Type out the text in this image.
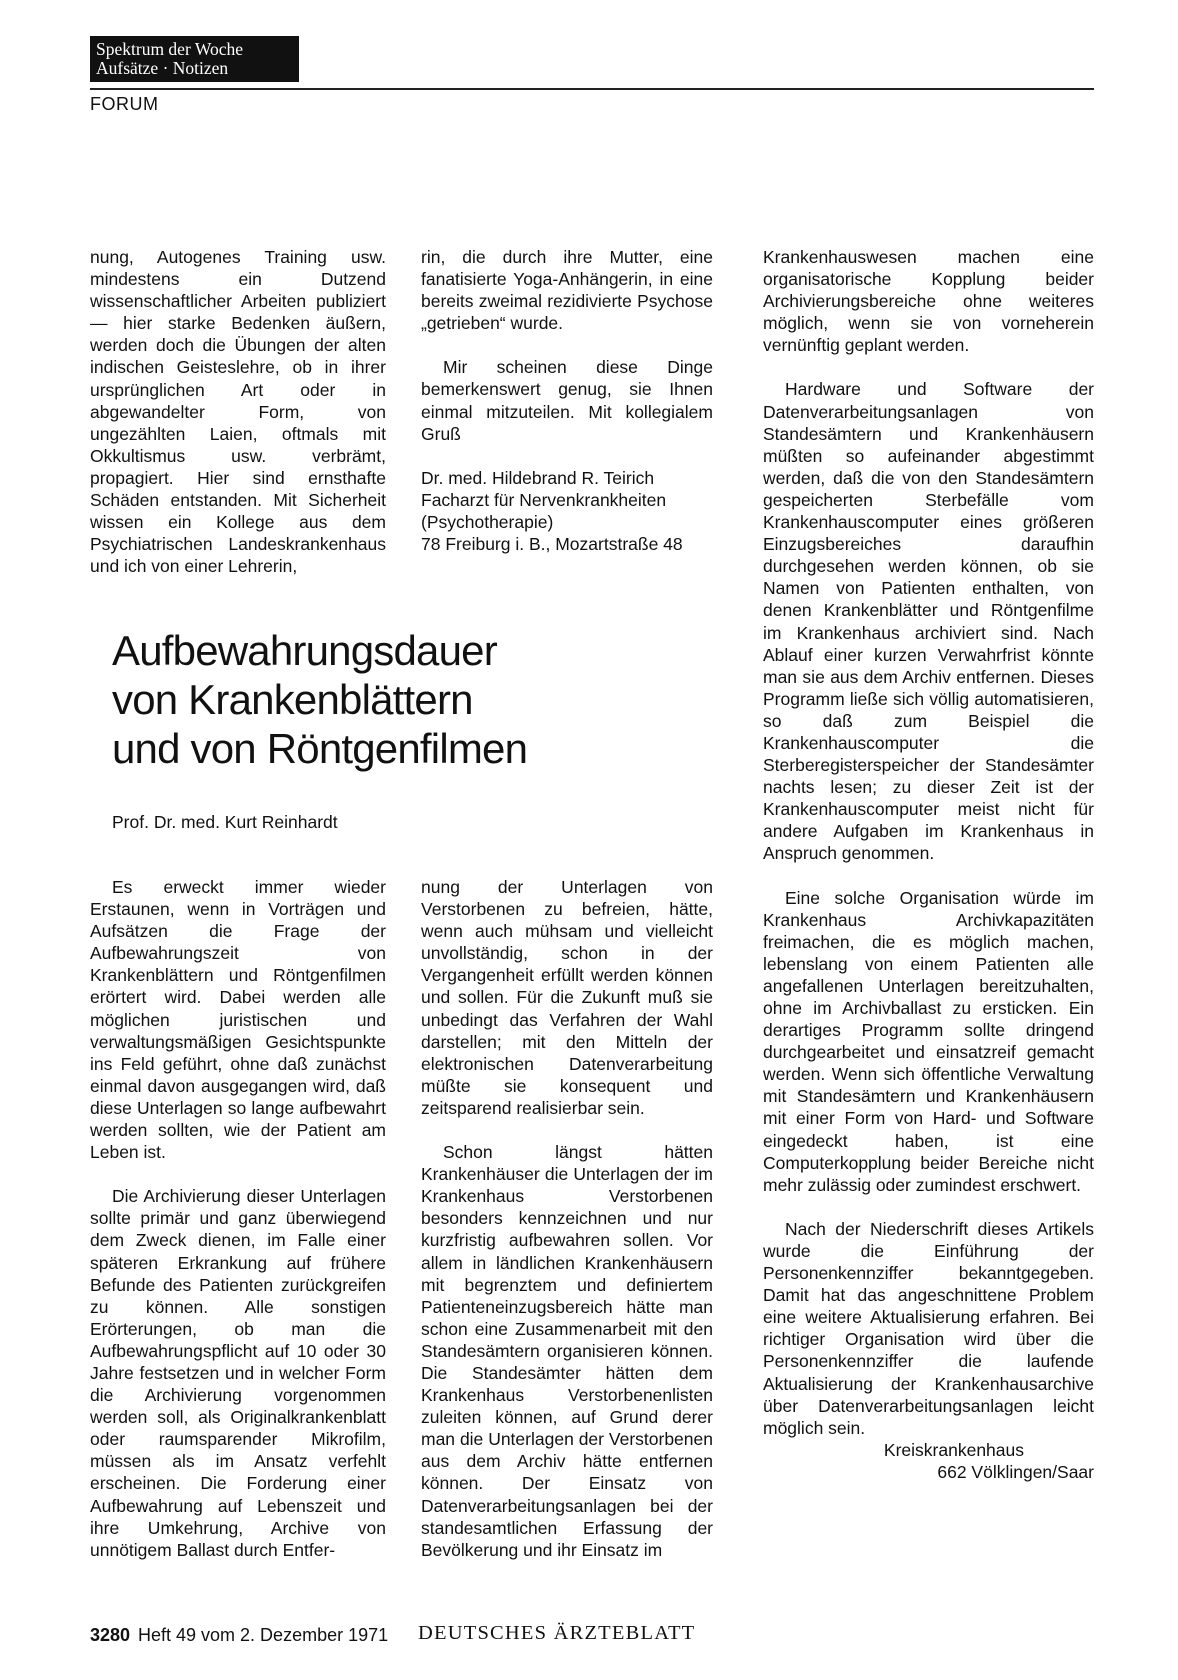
Spektrum der Woche
Aufsätze · Notizen
FORUM

nung, Autogenes Training usw. mindestens ein Dutzend wissenschaftlicher Arbeiten publiziert — hier starke Bedenken äußern, werden doch die Übungen der alten indischen Geisteslehre, ob in ihrer ursprünglichen Art oder in abgewandelter Form, von ungezählten Laien, oftmals mit Okkultismus usw. verbrämt, propagiert. Hier sind ernsthafte Schäden entstanden. Mit Sicherheit wissen ein Kollege aus dem Psychiatrischen Landeskrankenhaus und ich von einer Lehrerin,

rin, die durch ihre Mutter, eine fanatisierte Yoga-Anhängerin, in eine bereits zweimal rezidivierte Psychose „getrieben“ wurde.

Mir scheinen diese Dinge bemerkenswert genug, sie Ihnen einmal mitzuteilen. Mit kollegialem Gruß

Dr. med. Hildebrand R. Teirich

Facharzt für Nervenkrankheiten

(Psychotherapie)

78 Freiburg i. B., Mozartstraße 48

Aufbewahrungsdauer
von Krankenblättern
und von Röntgenfilmen
Prof. Dr. med. Kurt Reinhardt

Es erweckt immer wieder Erstaunen, wenn in Vorträgen und Aufsätzen die Frage der Aufbewahrungszeit von Krankenblättern und Röntgenfilmen erörtert wird. Dabei werden alle möglichen juristischen und verwaltungsmäßigen Gesichtspunkte ins Feld geführt, ohne daß zunächst einmal davon ausgegangen wird, daß diese Unterlagen so lange aufbewahrt werden sollten, wie der Patient am Leben ist.

Die Archivierung dieser Unterlagen sollte primär und ganz überwiegend dem Zweck dienen, im Falle einer späteren Erkrankung auf frühere Befunde des Patienten zurückgreifen zu können. Alle sonstigen Erörterungen, ob man die Aufbewahrungspflicht auf 10 oder 30 Jahre festsetzen und in welcher Form die Archivierung vorgenommen werden soll, als Originalkrankenblatt oder raumsparender Mikrofilm, müssen als im Ansatz verfehlt erscheinen. Die Forderung einer Aufbewahrung auf Lebenszeit und ihre Umkehrung, Archive von unnötigem Ballast durch Entfer-

nung der Unterlagen von Verstorbenen zu befreien, hätte, wenn auch mühsam und vielleicht unvollständig, schon in der Vergangenheit erfüllt werden können und sollen. Für die Zukunft muß sie unbedingt das Verfahren der Wahl darstellen; mit den Mitteln der elektronischen Datenverarbeitung müßte sie konsequent und zeitsparend realisierbar sein.

Schon längst hätten Krankenhäuser die Unterlagen der im Krankenhaus Verstorbenen besonders kennzeichnen und nur kurzfristig aufbewahren sollen. Vor allem in ländlichen Krankenhäusern mit begrenztem und definiertem Patienteneinzugsbereich hätte man schon eine Zusammenarbeit mit den Standesämtern organisieren können. Die Standesämter hätten dem Krankenhaus Verstorbenenlisten zuleiten können, auf Grund derer man die Unterlagen der Verstorbenen aus dem Archiv hätte entfernen können. Der Einsatz von Datenverarbeitungsanlagen bei der standesamtlichen Erfassung der Bevölkerung und ihr Einsatz im

Krankenhauswesen machen eine organisatorische Kopplung beider Archivierungsbereiche ohne weiteres möglich, wenn sie von vorneherein vernünftig geplant werden.

Hardware und Software der Datenverarbeitungsanlagen von Standesämtern und Krankenhäusern müßten so aufeinander abgestimmt werden, daß die von den Standesämtern gespeicherten Sterbefälle vom Krankenhauscomputer eines größeren Einzugsbereiches daraufhin durchgesehen werden können, ob sie Namen von Patienten enthalten, von denen Krankenblätter und Röntgenfilme im Krankenhaus archiviert sind. Nach Ablauf einer kurzen Verwahrfrist könnte man sie aus dem Archiv entfernen. Dieses Programm ließe sich völlig automatisieren, so daß zum Beispiel die Krankenhauscomputer die Sterberegisterspeicher der Standesämter nachts lesen; zu dieser Zeit ist der Krankenhauscomputer meist nicht für andere Aufgaben im Krankenhaus in Anspruch genommen.

Eine solche Organisation würde im Krankenhaus Archivkapazitäten freimachen, die es möglich machen, lebenslang von einem Patienten alle angefallenen Unterlagen bereitzuhalten, ohne im Archivballast zu ersticken. Ein derartiges Programm sollte dringend durchgearbeitet und einsatzreif gemacht werden. Wenn sich öffentliche Verwaltung mit Standesämtern und Krankenhäusern mit einer Form von Hard- und Software eingedeckt haben, ist eine Computerkopplung beider Bereiche nicht mehr zulässig oder zumindest erschwert.

Nach der Niederschrift dieses Artikels wurde die Einführung der Personenkennziffer bekanntgegeben. Damit hat das angeschnittene Problem eine weitere Aktualisierung erfahren. Bei richtiger Organisation wird über die Personenkennziffer die laufende Aktualisierung der Krankenhausarchive über Datenverarbeitungsanlagen leicht möglich sein.

Kreiskrankenhaus

662 Völklingen/Saar

3280 Heft 49 vom 2. Dezember 1971 DEUTSCHES ÄRZTEBLATT
